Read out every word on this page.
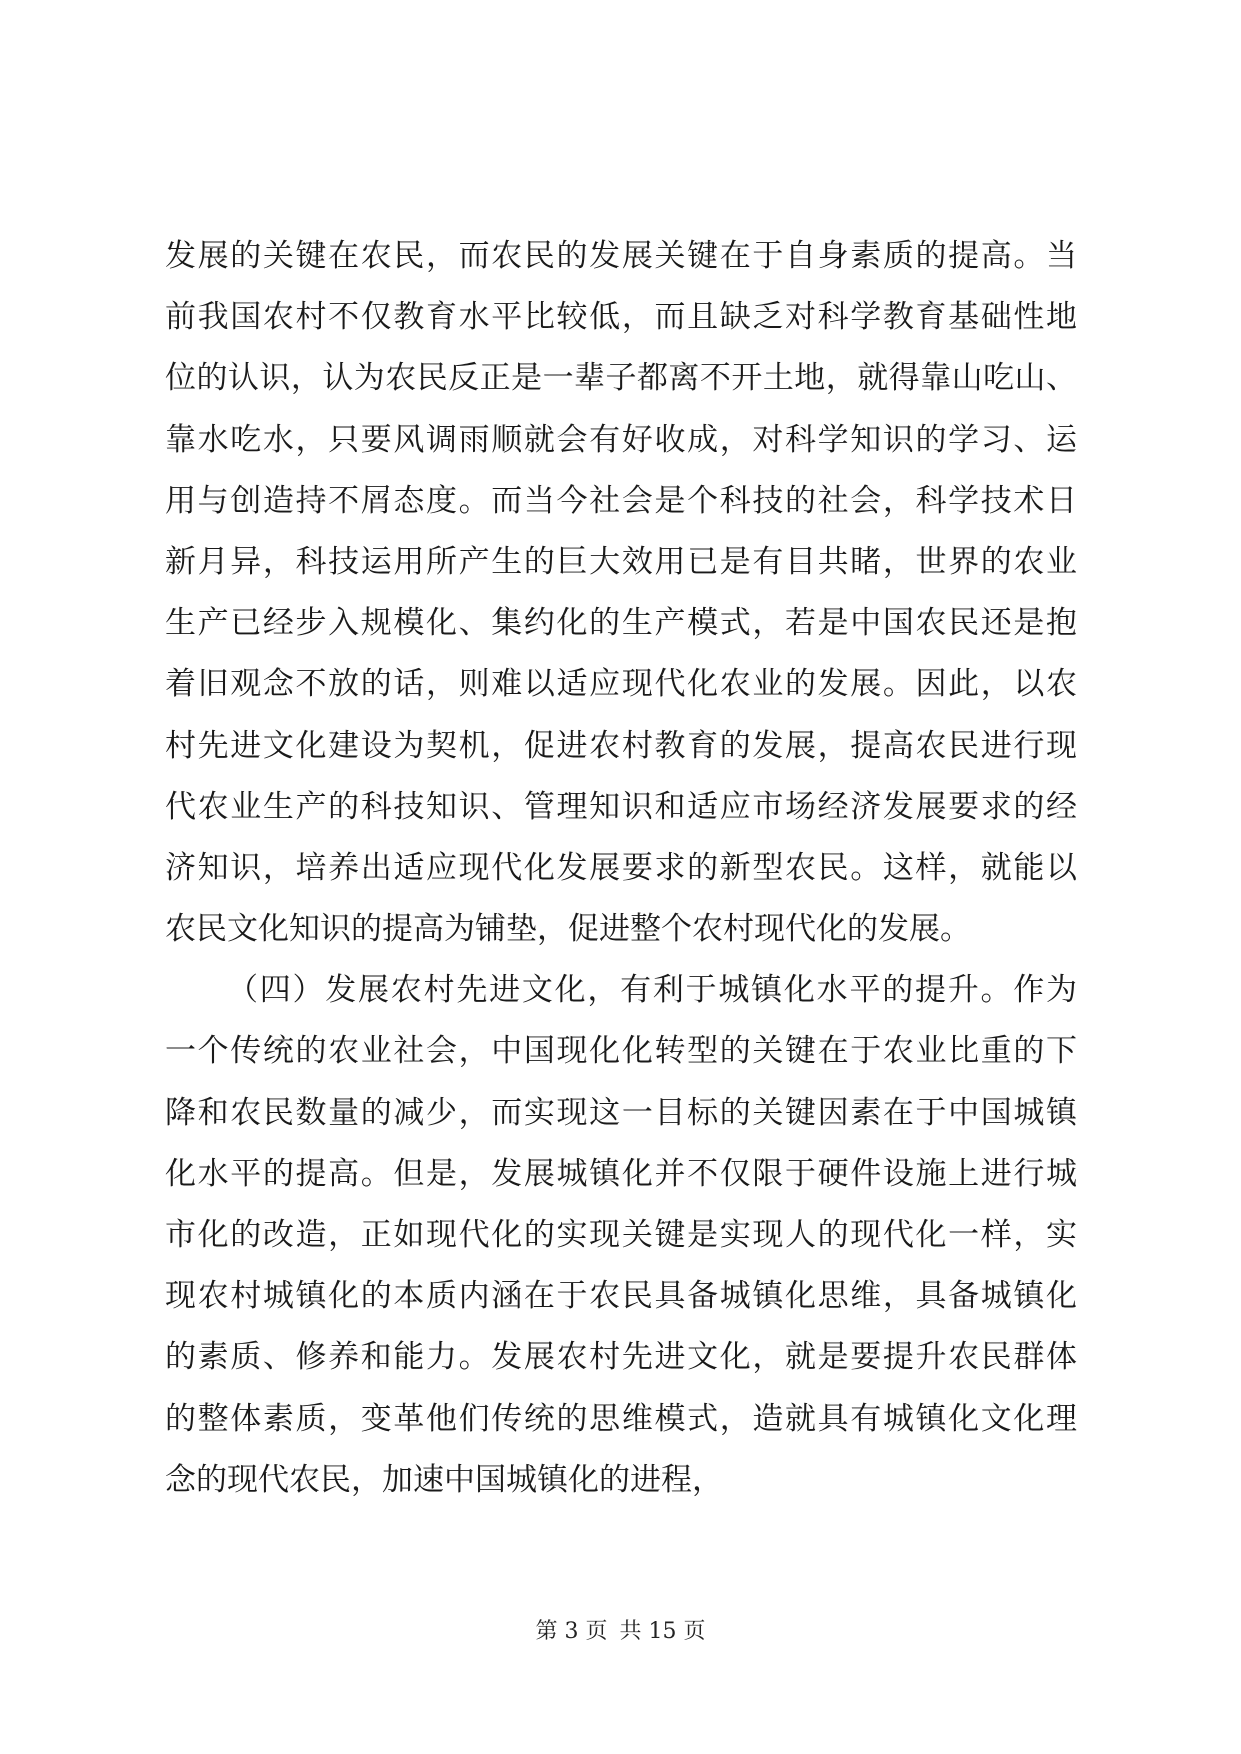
发展的关键在农民，而农民的发展关键在于自身素质的提高。当
前我国农村不仅教育水平比较低，而且缺乏对科学教育基础性地
位的认识，认为农民反正是一辈子都离不开土地，就得靠山吃山、
靠水吃水，只要风调雨顺就会有好收成，对科学知识的学习、运
用与创造持不屑态度。而当今社会是个科技的社会，科学技术日
新月异，科技运用所产生的巨大效用已是有目共睹，世界的农业
生产已经步入规模化、集约化的生产模式，若是中国农民还是抱
着旧观念不放的话，则难以适应现代化农业的发展。因此，以农
村先进文化建设为契机，促进农村教育的发展，提高农民进行现
代农业生产的科技知识、管理知识和适应市场经济发展要求的经
济知识，培养出适应现代化发展要求的新型农民。这样，就能以
农民文化知识的提高为铺垫，促进整个农村现代化的发展。
（四）发展农村先进文化，有利于城镇化水平的提升。作为
一个传统的农业社会，中国现化化转型的关键在于农业比重的下
降和农民数量的减少，而实现这一目标的关键因素在于中国城镇
化水平的提高。但是，发展城镇化并不仅限于硬件设施上进行城
市化的改造，正如现代化的实现关键是实现人的现代化一样，实
现农村城镇化的本质内涵在于农民具备城镇化思维，具备城镇化
的素质、修养和能力。发展农村先进文化，就是要提升农民群体
的整体素质，变革他们传统的思维模式，造就具有城镇化文化理
念的现代农民，加速中国城镇化的进程，
第 3 页 共 15 页
